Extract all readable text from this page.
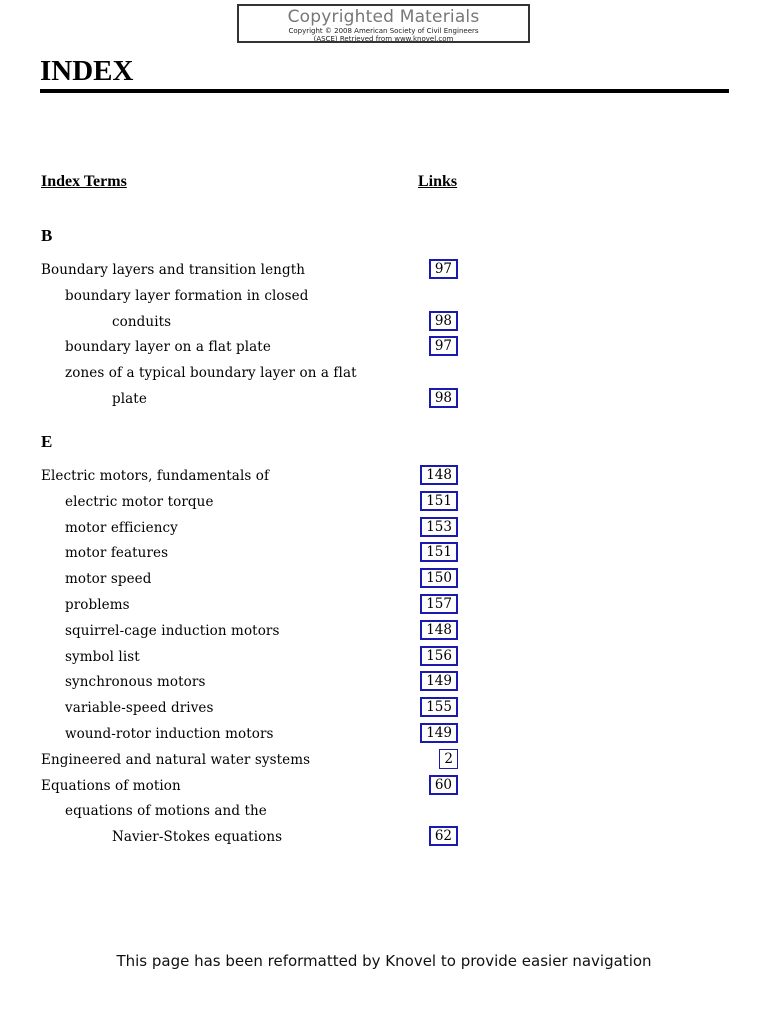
Copyrighted Materials
Copyright © 2008 American Society of Civil Engineers
(ASCE) Retrieved from www.knovel.com
INDEX
Index Terms	Links
B
Boundary layers and transition length	97
boundary layer formation in closed
conduits	98
boundary layer on a flat plate	97
zones of a typical boundary layer on a flat
plate	98
E
Electric motors, fundamentals of	148
electric motor torque	151
motor efficiency	153
motor features	151
motor speed	150
problems	157
squirrel-cage induction motors	148
symbol list	156
synchronous motors	149
variable-speed drives	155
wound-rotor induction motors	149
Engineered and natural water systems	2
Equations of motion	60
equations of motions and the
Navier-Stokes equations	62
This page has been reformatted by Knovel to provide easier navigation
